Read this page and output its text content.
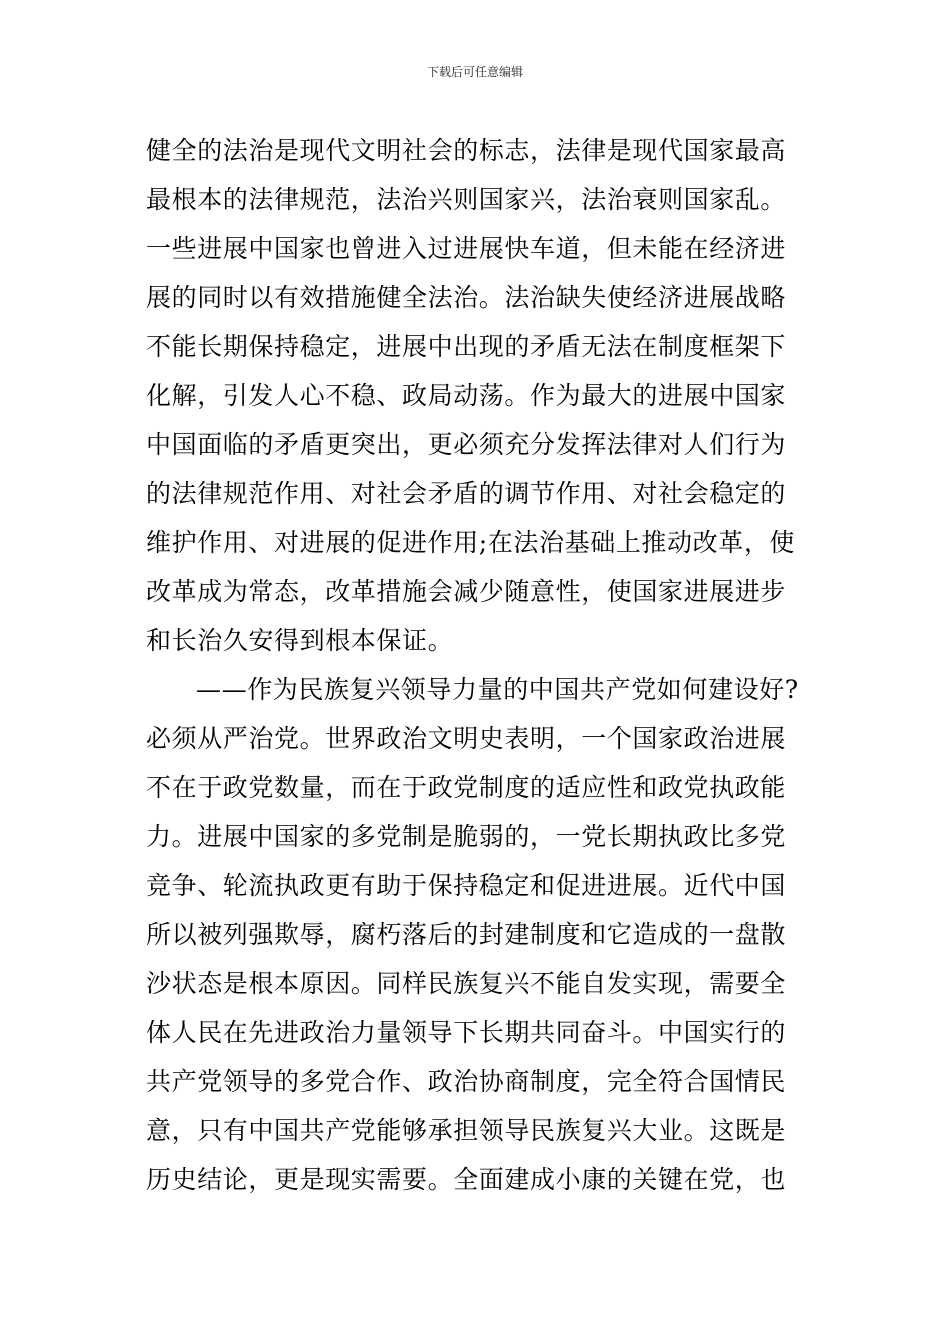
下载后可任意编辑
健全的法治是现代文明社会的标志，法律是现代国家最高
最根本的法律规范，法治兴则国家兴，法治衰则国家乱。
一些进展中国家也曾进入过进展快车道，但未能在经济进
展的同时以有效措施健全法治。法治缺失使经济进展战略
不能长期保持稳定，进展中出现的矛盾无法在制度框架下
化解，引发人心不稳、政局动荡。作为最大的进展中国家
中国面临的矛盾更突出，更必须充分发挥法律对人们行为
的法律规范作用、对社会矛盾的调节作用、对社会稳定的
维护作用、对进展的促进作用;在法治基础上推动改革，使
改革成为常态，改革措施会减少随意性，使国家进展进步
和长治久安得到根本保证。
——作为民族复兴领导力量的中国共产党如何建设好?
必须从严治党。世界政治文明史表明，一个国家政治进展
不在于政党数量，而在于政党制度的适应性和政党执政能
力。进展中国家的多党制是脆弱的，一党长期执政比多党
竞争、轮流执政更有助于保持稳定和促进进展。近代中国
所以被列强欺辱，腐朽落后的封建制度和它造成的一盘散
沙状态是根本原因。同样民族复兴不能自发实现，需要全
体人民在先进政治力量领导下长期共同奋斗。中国实行的
共产党领导的多党合作、政治协商制度，完全符合国情民
意，只有中国共产党能够承担领导民族复兴大业。这既是
历史结论，更是现实需要。全面建成小康的关键在党，也
